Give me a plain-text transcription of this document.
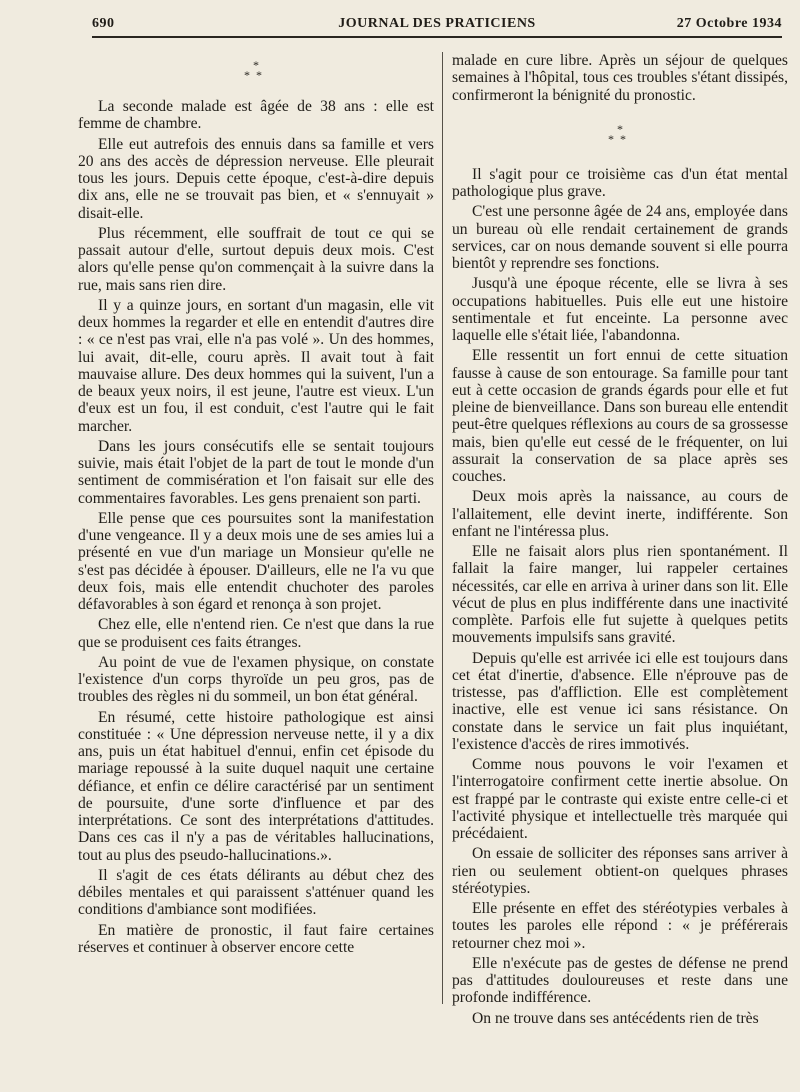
690	JOURNAL DES PRATICIENS	27 Octobre 1934
*
**

La seconde malade est âgée de 38 ans : elle est femme de chambre.

Elle eut autrefois des ennuis dans sa famille et vers 20 ans des accès de dépression nerveuse. Elle pleurait tous les jours. Depuis cette époque, c'est-à-dire depuis dix ans, elle ne se trouvait pas bien, et « s'ennuyait » disait-elle.

Plus récemment, elle souffrait de tout ce qui se passait autour d'elle, surtout depuis deux mois. C'est alors qu'elle pense qu'on commençait à la suivre dans la rue, mais sans rien dire.

Il y a quinze jours, en sortant d'un magasin, elle vit deux hommes la regarder et elle en entendit d'autres dire : « ce n'est pas vrai, elle n'a pas volé ». Un des hommes, lui avait, dit-elle, couru après. Il avait tout à fait mauvaise allure. Des deux hommes qui la suivent, l'un a de beaux yeux noirs, il est jeune, l'autre est vieux. L'un d'eux est un fou, il est conduit, c'est l'autre qui le fait marcher.

Dans les jours consécutifs elle se sentait toujours suivie, mais était l'objet de la part de tout le monde d'un sentiment de commisération et l'on faisait sur elle des commentaires favorables. Les gens prenaient son parti.

Elle pense que ces poursuites sont la manifestation d'une vengeance. Il y a deux mois une de ses amies lui a présenté en vue d'un mariage un Monsieur qu'elle ne s'est pas décidée à épouser. D'ailleurs, elle ne l'a vu que deux fois, mais elle entendit chuchoter des paroles défavorables à son égard et renonça à son projet.

Chez elle, elle n'entend rien. Ce n'est que dans la rue que se produisent ces faits étranges.

Au point de vue de l'examen physique, on constate l'existence d'un corps thyroïde un peu gros, pas de troubles des règles ni du sommeil, un bon état général.

En résumé, cette histoire pathologique est ainsi constituée : « Une dépression nerveuse nette, il y a dix ans, puis un état habituel d'ennui, enfin cet épisode du mariage repoussé à la suite duquel naquit une certaine défiance, et enfin ce délire caractérisé par un sentiment de poursuite, d'une sorte d'influence et par des interprétations. Ce sont des interprétations d'attitudes. Dans ces cas il n'y a pas de véritables hallucinations, tout au plus des pseudo-hallucinations.».

Il s'agit de ces états délirants au début chez des débiles mentales et qui paraissent s'atténuer quand les conditions d'ambiance sont modifiées.

En matière de pronostic, il faut faire certaines réserves et continuer à observer encore cette

malade en cure libre. Après un séjour de quelques semaines à l'hôpital, tous ces troubles s'étant dissipés, confirmeront la bénignité du pronostic.

*
**

Il s'agit pour ce troisième cas d'un état mental pathologique plus grave.

C'est une personne âgée de 24 ans, employée dans un bureau où elle rendait certainement de grands services, car on nous demande souvent si elle pourra bientôt y reprendre ses fonctions.

Jusqu'à une époque récente, elle se livra à ses occupations habituelles. Puis elle eut une histoire sentimentale et fut enceinte. La personne avec laquelle elle s'était liée, l'abandonna.

Elle ressentit un fort ennui de cette situation fausse à cause de son entourage. Sa famille pour tant eut à cette occasion de grands égards pour elle et fut pleine de bienveillance. Dans son bureau elle entendit peut-être quelques réflexions au cours de sa grossesse mais, bien qu'elle eut cessé de le fréquenter, on lui assurait la conservation de sa place après ses couches.

Deux mois après la naissance, au cours de l'allaitement, elle devint inerte, indifférente. Son enfant ne l'intéressa plus.

Elle ne faisait alors plus rien spontanément. Il fallait la faire manger, lui rappeler certaines nécessités, car elle en arriva à uriner dans son lit. Elle vécut de plus en plus indifférente dans une inactivité complète. Parfois elle fut sujette à quelques petits mouvements impulsifs sans gravité.

Depuis qu'elle est arrivée ici elle est toujours dans cet état d'inertie, d'absence. Elle n'éprouve pas de tristesse, pas d'affliction. Elle est complètement inactive, elle est venue ici sans résistance. On constate dans le service un fait plus inquiétant, l'existence d'accès de rires immotivés.

Comme nous pouvons le voir l'examen et l'interrogatoire confirment cette inertie absolue. On est frappé par le contraste qui existe entre celle-ci et l'activité physique et intellectuelle très marquée qui précédaient.

On essaie de solliciter des réponses sans arriver à rien ou seulement obtient-on quelques phrases stéréotypies.

Elle présente en effet des stéréotypies verbales à toutes les paroles elle répond : « je préférerais retourner chez moi ».

Elle n'exécute pas de gestes de défense ne prend pas d'attitudes douloureuses et reste dans une profonde indifférence.

On ne trouve dans ses antécédents rien de très
